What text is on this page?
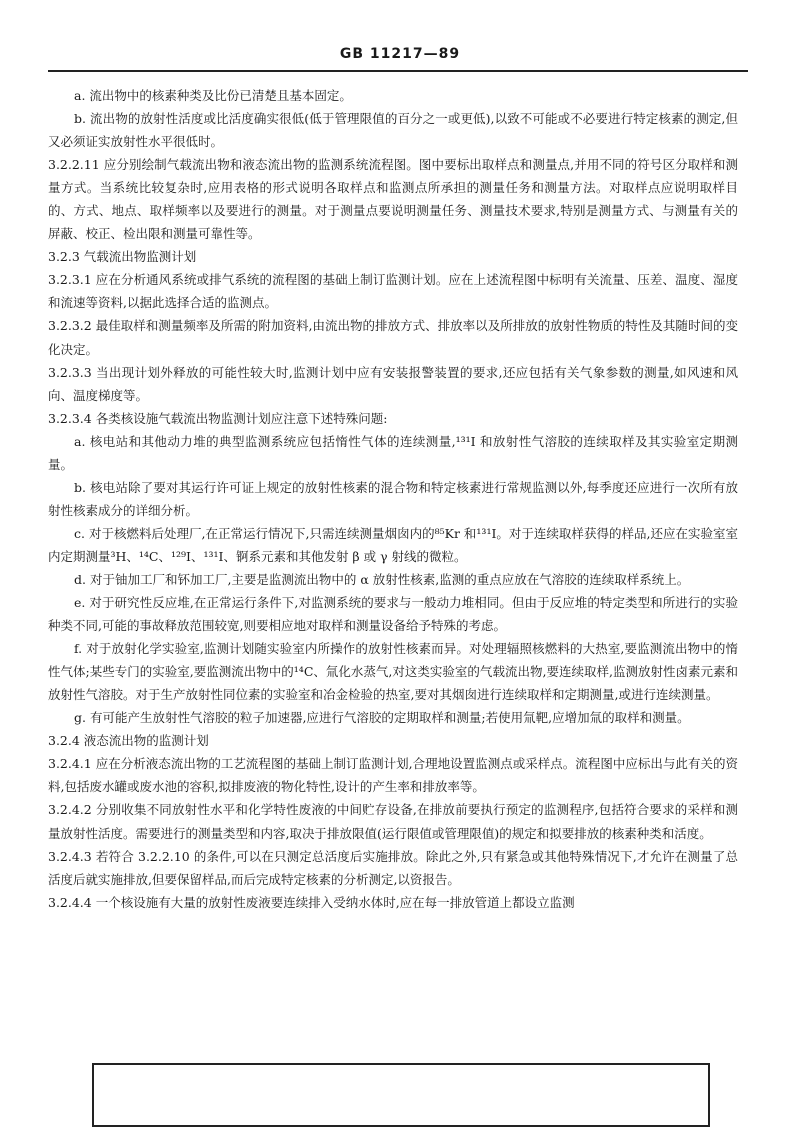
GB 11217—89

a. 流出物中的核素种类及比份已清楚且基本固定。

b. 流出物的放射性活度或比活度确实很低(低于管理限值的百分之一或更低),以致不可能或不必要进行特定核素的测定,但又必须证实放射性水平很低时。

3.2.2.11 应分别绘制气载流出物和液态流出物的监测系统流程图。图中要标出取样点和测量点,并用不同的符号区分取样和测量方式。当系统比较复杂时,应用表格的形式说明各取样点和监测点所承担的测量任务和测量方法。对取样点应说明取样目的、方式、地点、取样频率以及要进行的测量。对于测量点要说明测量任务、测量技术要求,特别是测量方式、与测量有关的屏蔽、校正、检出限和测量可靠性等。

3.2.3 气载流出物监测计划

3.2.3.1 应在分析通风系统或排气系统的流程图的基础上制订监测计划。应在上述流程图中标明有关流量、压差、温度、湿度和流速等资料,以据此选择合适的监测点。

3.2.3.2 最佳取样和测量频率及所需的附加资料,由流出物的排放方式、排放率以及所排放的放射性物质的特性及其随时间的变化决定。

3.2.3.3 当出现计划外释放的可能性较大时,监测计划中应有安装报警装置的要求,还应包括有关气象参数的测量,如风速和风向、温度梯度等。

3.2.3.4 各类核设施气载流出物监测计划应注意下述特殊问题:

a. 核电站和其他动力堆的典型监测系统应包括惰性气体的连续测量,¹³¹I 和放射性气溶胶的连续取样及其实验室定期测量。

b. 核电站除了要对其运行许可证上规定的放射性核素的混合物和特定核素进行常规监测以外,每季度还应进行一次所有放射性核素成分的详细分析。

c. 对于核燃料后处理厂,在正常运行情况下,只需连续测量烟囱内的⁸⁵Kr 和¹³¹I。对于连续取样获得的样品,还应在实验室室内定期测量³H、¹⁴C、¹²⁹I、¹³¹I、锕系元素和其他发射 β 或 γ 射线的微粒。

d. 对于铀加工厂和钚加工厂,主要是监测流出物中的 α 放射性核素,监测的重点应放在气溶胶的连续取样系统上。

e. 对于研究性反应堆,在正常运行条件下,对监测系统的要求与一般动力堆相同。但由于反应堆的特定类型和所进行的实验种类不同,可能的事故释放范围较宽,则要相应地对取样和测量设备给予特殊的考虑。

f. 对于放射化学实验室,监测计划随实验室内所操作的放射性核素而异。对处理辐照核燃料的大热室,要监测流出物中的惰性气体;某些专门的实验室,要监测流出物中的¹⁴C、氚化水蒸气,对这类实验室的气载流出物,要连续取样,监测放射性卤素元素和放射性气溶胶。对于生产放射性同位素的实验室和冶金检验的热室,要对其烟囱进行连续取样和定期测量,或进行连续测量。

g. 有可能产生放射性气溶胶的粒子加速器,应进行气溶胶的定期取样和测量;若使用氚靶,应增加氚的取样和测量。

3.2.4 液态流出物的监测计划

3.2.4.1 应在分析液态流出物的工艺流程图的基础上制订监测计划,合理地设置监测点或采样点。流程图中应标出与此有关的资料,包括废水罐或废水池的容积,拟排废液的物化特性,设计的产生率和排放率等。

3.2.4.2 分别收集不同放射性水平和化学特性废液的中间贮存设备,在排放前要执行预定的监测程序,包括符合要求的采样和测量放射性活度。需要进行的测量类型和内容,取决于排放限值(运行限值或管理限值)的规定和拟要排放的核素种类和活度。

3.2.4.3 若符合 3.2.2.10 的条件,可以在只测定总活度后实施排放。除此之外,只有紧急或其他特殊情况下,才允许在测量了总活度后就实施排放,但要保留样品,而后完成特定核素的分析测定,以资报告。

3.2.4.4 一个核设施有大量的放射性废液要连续排入受纳水体时,应在每一排放管道上都设立监测
